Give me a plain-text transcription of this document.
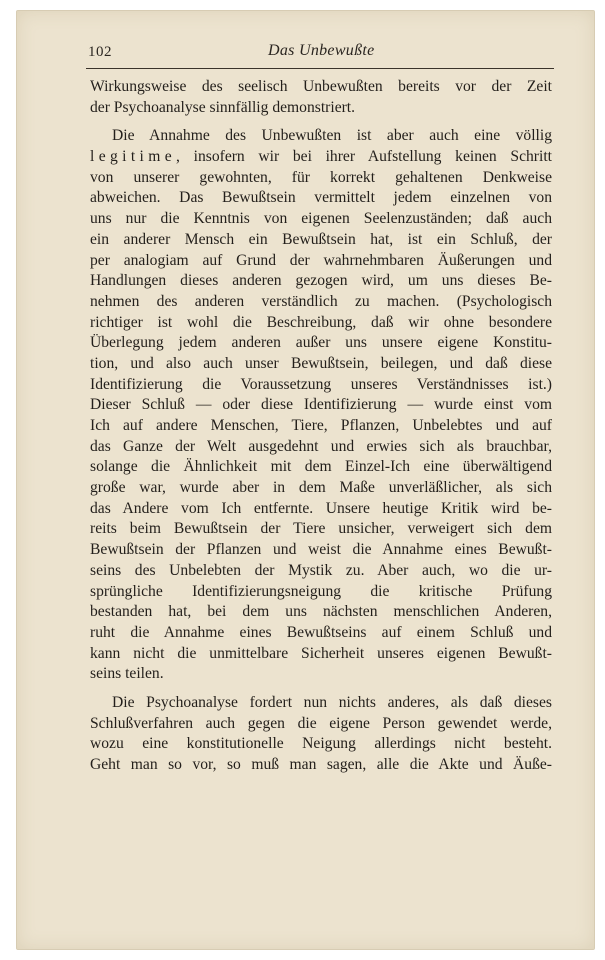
102	Das Unbewußte
Wirkungsweise des seelisch Unbewußten bereits vor der Zeit
der Psychoanalyse sinnfällig demonstriert.
Die Annahme des Unbewußten ist aber auch eine völlig
legitime, insofern wir bei ihrer Aufstellung keinen Schritt
von unserer gewohnten, für korrekt gehaltenen Denkweise
abweichen. Das Bewußtsein vermittelt jedem einzelnen von
uns nur die Kenntnis von eigenen Seelenzuständen; daß auch
ein anderer Mensch ein Bewußtsein hat, ist ein Schluß, der
per analogiam auf Grund der wahrnehmbaren Äußerungen und
Handlungen dieses anderen gezogen wird, um uns dieses Be-
nehmen des anderen verständlich zu machen. (Psychologisch
richtiger ist wohl die Beschreibung, daß wir ohne besondere
Überlegung jedem anderen außer uns unsere eigene Konstitu-
tion, und also auch unser Bewußtsein, beilegen, und daß diese
Identifizierung die Voraussetzung unseres Verständnisses ist.)
Dieser Schluß — oder diese Identifizierung — wurde einst vom
Ich auf andere Menschen, Tiere, Pflanzen, Unbelebtes und auf
das Ganze der Welt ausgedehnt und erwies sich als brauchbar,
solange die Ähnlichkeit mit dem Einzel-Ich eine überwältigend
große war, wurde aber in dem Maße unverläßlicher, als sich
das Andere vom Ich entfernte. Unsere heutige Kritik wird be-
reits beim Bewußtsein der Tiere unsicher, verweigert sich dem
Bewußtsein der Pflanzen und weist die Annahme eines Bewußt-
seins des Unbelebten der Mystik zu. Aber auch, wo die ur-
sprüngliche Identifizierungsneigung die kritische Prüfung
bestanden hat, bei dem uns nächsten menschlichen Anderen,
ruht die Annahme eines Bewußtseins auf einem Schluß und
kann nicht die unmittelbare Sicherheit unseres eigenen Bewußt-
seins teilen.
Die Psychoanalyse fordert nun nichts anderes, als daß dieses
Schlußverfahren auch gegen die eigene Person gewendet werde,
wozu eine konstitutionelle Neigung allerdings nicht besteht.
Geht man so vor, so muß man sagen, alle die Akte und Äuße-
